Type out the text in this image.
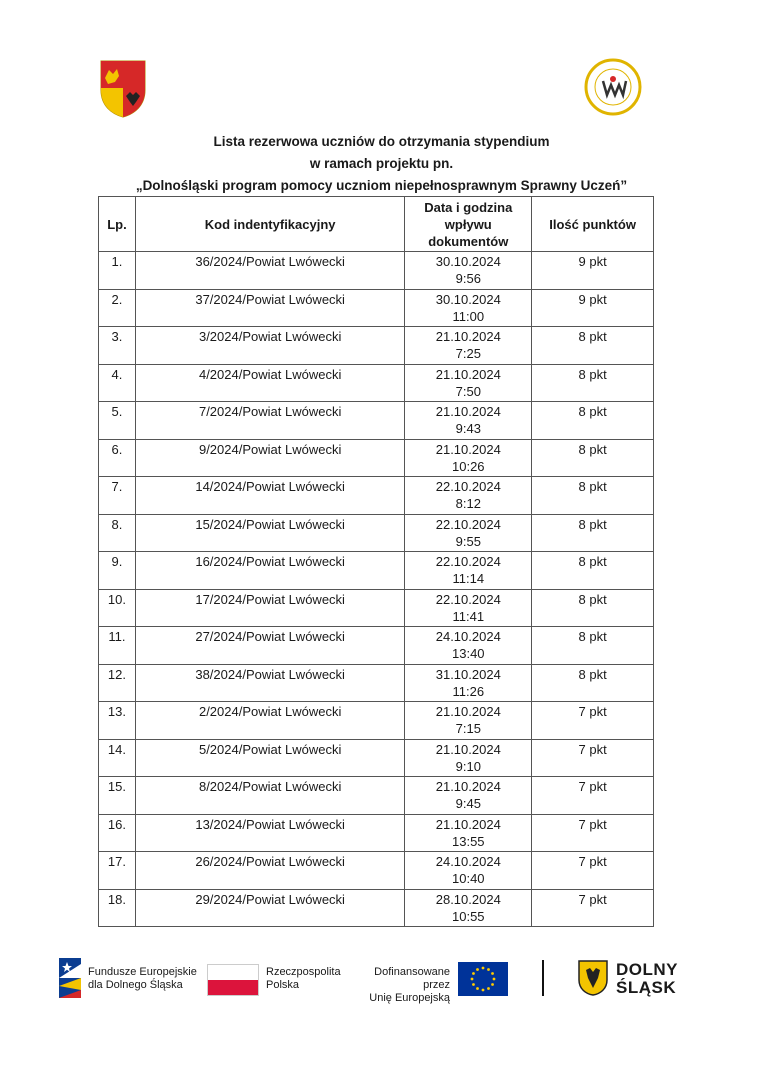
Lista rezerwowa uczniów do otrzymania stypendium
w ramach projektu pn.
„Dolnośląski program pomocy uczniom niepełnosprawnym Sprawny Uczeń”
Lp.	Kod indentyfikacyjny	Data i godzina
wpływu
dokumentów	Ilość punktów

1.	36/2024/Powiat Lwówecki	30.10.2024
9:56	9 pkt

2.	37/2024/Powiat Lwówecki	30.10.2024
11:00	9 pkt

3.	3/2024/Powiat Lwówecki	21.10.2024
7:25	8 pkt

4.	4/2024/Powiat Lwówecki	21.10.2024
7:50	8 pkt

5.	7/2024/Powiat Lwówecki	21.10.2024
9:43	8 pkt

6.	9/2024/Powiat Lwówecki	21.10.2024
10:26	8 pkt

7.	14/2024/Powiat Lwówecki	22.10.2024
8:12	8 pkt

8.	15/2024/Powiat Lwówecki	22.10.2024
9:55	8 pkt

9.	16/2024/Powiat Lwówecki	22.10.2024
11:14	8 pkt

10.	17/2024/Powiat Lwówecki	22.10.2024
11:41	8 pkt

11.	27/2024/Powiat Lwówecki	24.10.2024
13:40	8 pkt

12.	38/2024/Powiat Lwówecki	31.10.2024
11:26	8 pkt

13.	2/2024/Powiat Lwówecki	21.10.2024
7:15	7 pkt

14.	5/2024/Powiat Lwówecki	21.10.2024
9:10	7 pkt

15.	8/2024/Powiat Lwówecki	21.10.2024
9:45	7 pkt

16.	13/2024/Powiat Lwówecki	21.10.2024
13:55	7 pkt

17.	26/2024/Powiat Lwówecki	24.10.2024
10:40	7 pkt

18.	29/2024/Powiat Lwówecki	28.10.2024
10:55	7 pkt
Fundusze Europejskie
dla Dolnego Śląska
Rzeczpospolita
Polska
Dofinansowane przez
Unię Europejską
DOLNY
ŚLĄSK
